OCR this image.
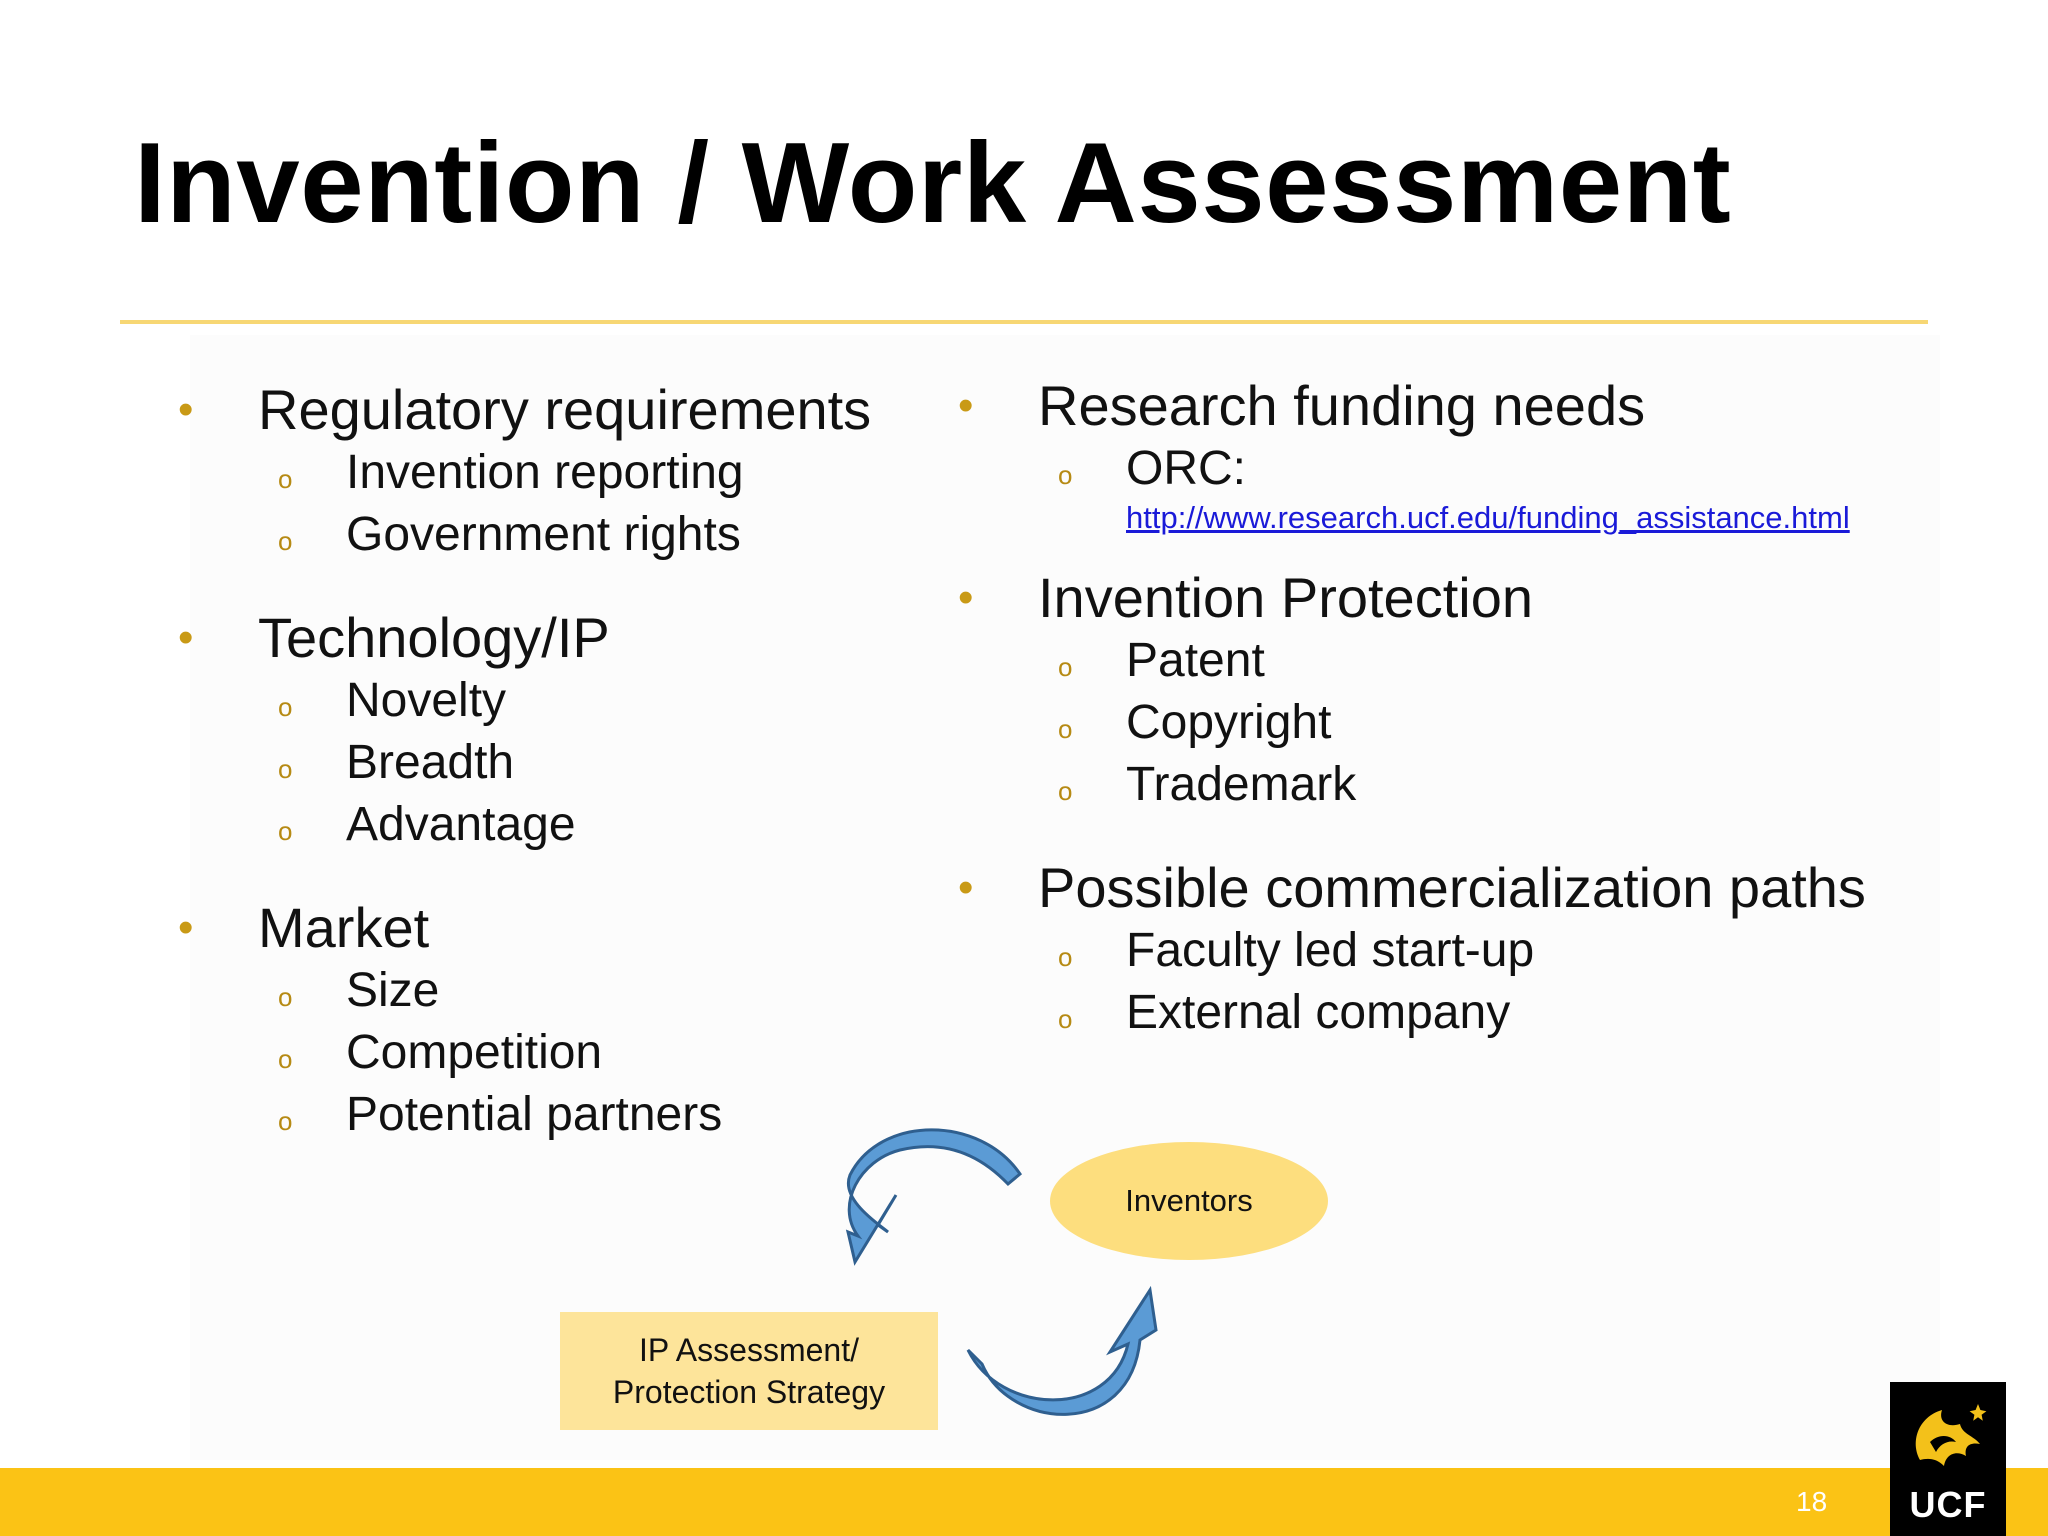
Invention / Work Assessment
• Regulatory requirements
o Invention reporting
o Government rights
• Technology/IP
o Novelty
o Breadth
o Advantage
• Market
o Size
o Competition
o Potential partners
• Research funding needs
o ORC:
http://www.research.ucf.edu/funding_assistance.html
• Invention Protection
o Patent
o Copyright
o Trademark
• Possible commercialization paths
o Faculty led start-up
o External company
Inventors
IP Assessment/
Protection Strategy
18	UCF
